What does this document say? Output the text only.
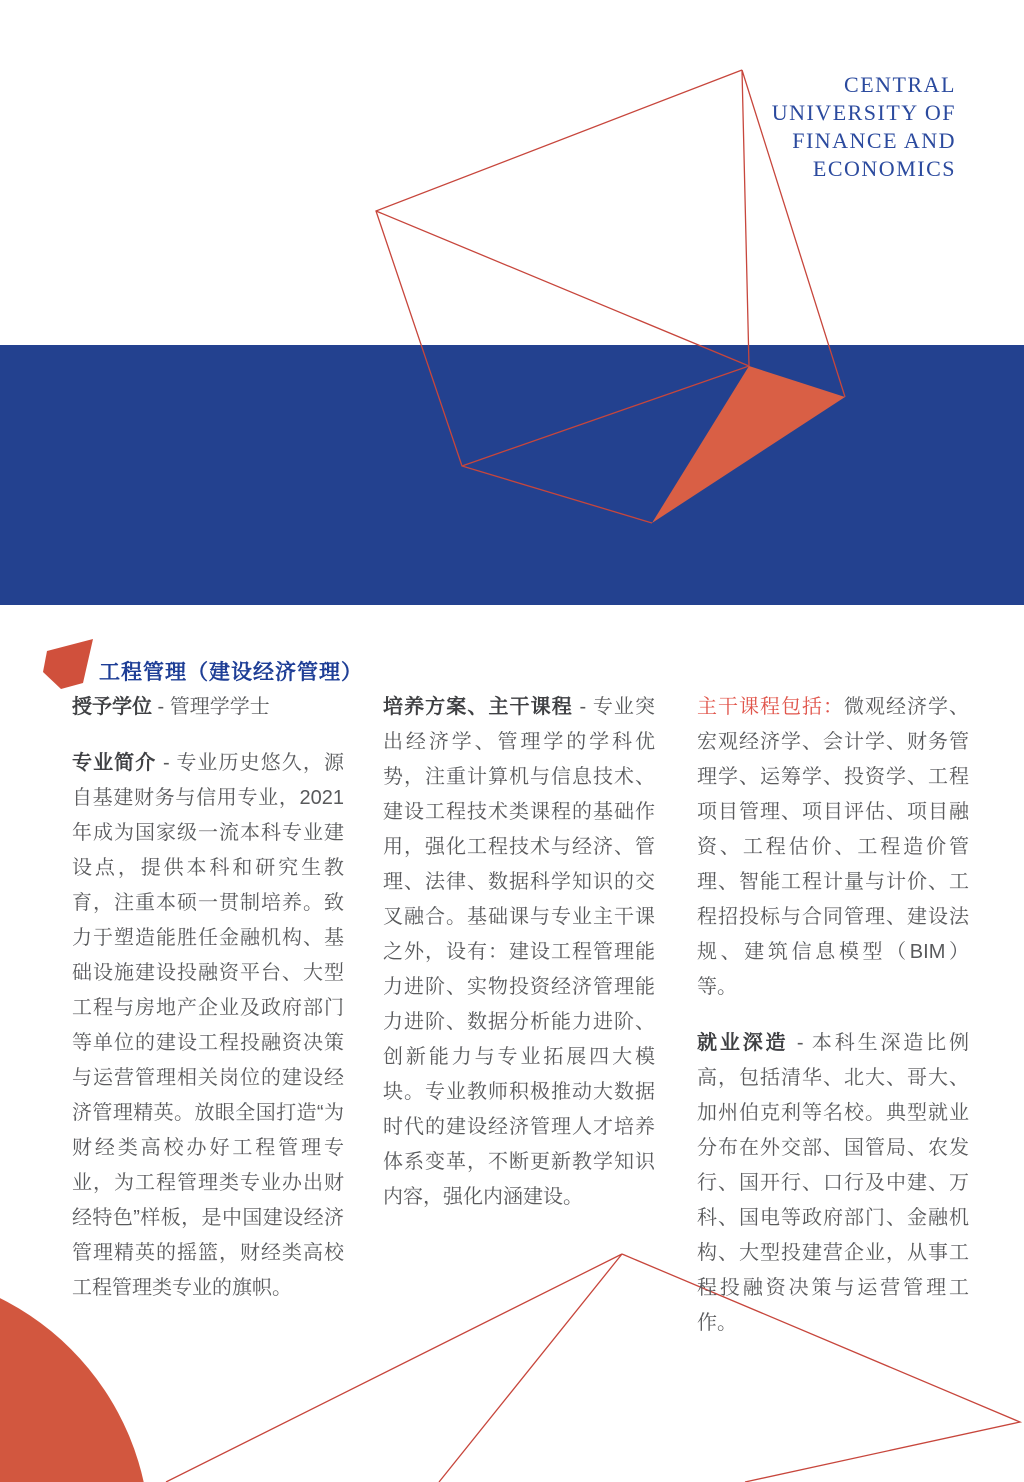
CENTRAL
UNIVERSITY OF
FINANCE AND
ECONOMICS
工程管理（建设经济管理）

授予学位 - 管理学学士

专业简介 - 专业历史悠久，源自基建财务与信用专业，2021年成为国家级一流本科专业建设点，提供本科和研究生教育，注重本硕一贯制培养。致力于塑造能胜任金融机构、基础设施建设投融资平台、大型工程与房地产企业及政府部门等单位的建设工程投融资决策与运营管理相关岗位的建设经济管理精英。放眼全国打造“为财经类高校办好工程管理专业，为工程管理类专业办出财经特色”样板，是中国建设经济管理精英的摇篮，财经类高校工程管理类专业的旗帜。

培养方案、主干课程 - 专业突出经济学、管理学的学科优势，注重计算机与信息技术、建设工程技术类课程的基础作用，强化工程技术与经济、管理、法律、数据科学知识的交叉融合。基础课与专业主干课之外，设有：建设工程管理能力进阶、实物投资经济管理能力进阶、数据分析能力进阶、创新能力与专业拓展四大模块。专业教师积极推动大数据时代的建设经济管理人才培养体系变革，不断更新教学知识内容，强化内涵建设。

主干课程包括：微观经济学、宏观经济学、会计学、财务管理学、运筹学、投资学、工程项目管理、项目评估、项目融资、工程估价、工程造价管理、智能工程计量与计价、工程招投标与合同管理、建设法规、建筑信息模型（BIM）等。

就业深造 - 本科生深造比例高，包括清华、北大、哥大、加州伯克利等名校。典型就业分布在外交部、国管局、农发行、国开行、口行及中建、万科、国电等政府部门、金融机构、大型投建营企业，从事工程投融资决策与运营管理工作。
